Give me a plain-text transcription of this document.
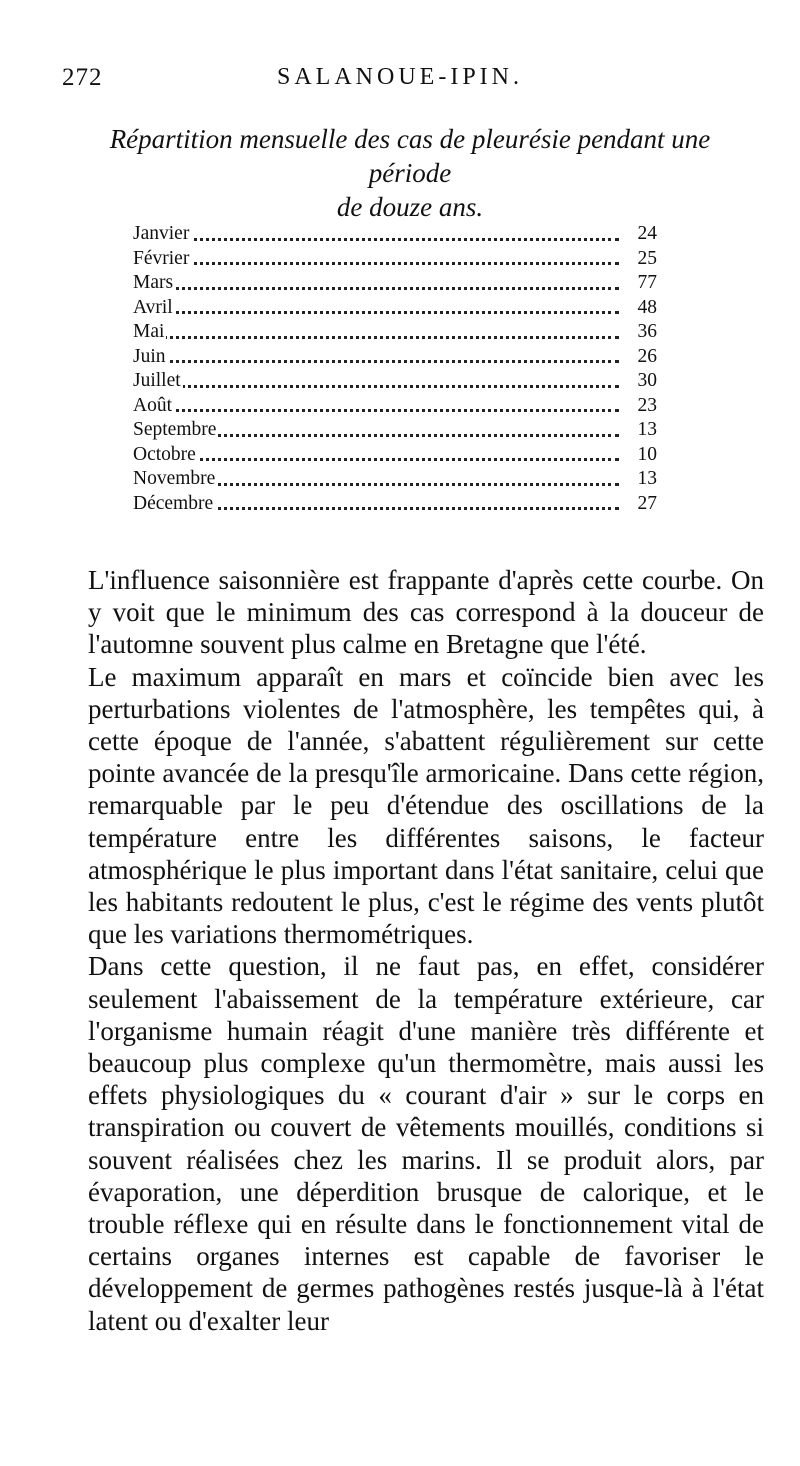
272	SALANOUE-IPIN.
Répartition mensuelle des cas de pleurésie pendant une période
de douze ans.
Janvier	24
Février	25
Mars	77
Avril	48
Mai	36
Juin	26
Juillet	30
Août	23
Septembre	13
Octobre	10
Novembre	13
Décembre	27

L'influence saisonnière est frappante d'après cette courbe. On y voit que le minimum des cas correspond à la douceur de l'automne souvent plus calme en Bretagne que l'été.

Le maximum apparaît en mars et coïncide bien avec les perturbations violentes de l'atmosphère, les tempêtes qui, à cette époque de l'année, s'abattent régulièrement sur cette pointe avancée de la presqu'île armoricaine. Dans cette région, remarquable par le peu d'étendue des oscillations de la température entre les différentes saisons, le facteur atmosphérique le plus important dans l'état sanitaire, celui que les habitants redoutent le plus, c'est le régime des vents plutôt que les variations thermométriques.

Dans cette question, il ne faut pas, en effet, considérer seulement l'abaissement de la température extérieure, car l'organisme humain réagit d'une manière très différente et beaucoup plus complexe qu'un thermomètre, mais aussi les effets physiologiques du « courant d'air » sur le corps en transpiration ou couvert de vêtements mouillés, conditions si souvent réalisées chez les marins. Il se produit alors, par évaporation, une déperdition brusque de calorique, et le trouble réflexe qui en résulte dans le fonctionnement vital de certains organes internes est capable de favoriser le développement de germes pathogènes restés jusque-là à l'état latent ou d'exalter leur
